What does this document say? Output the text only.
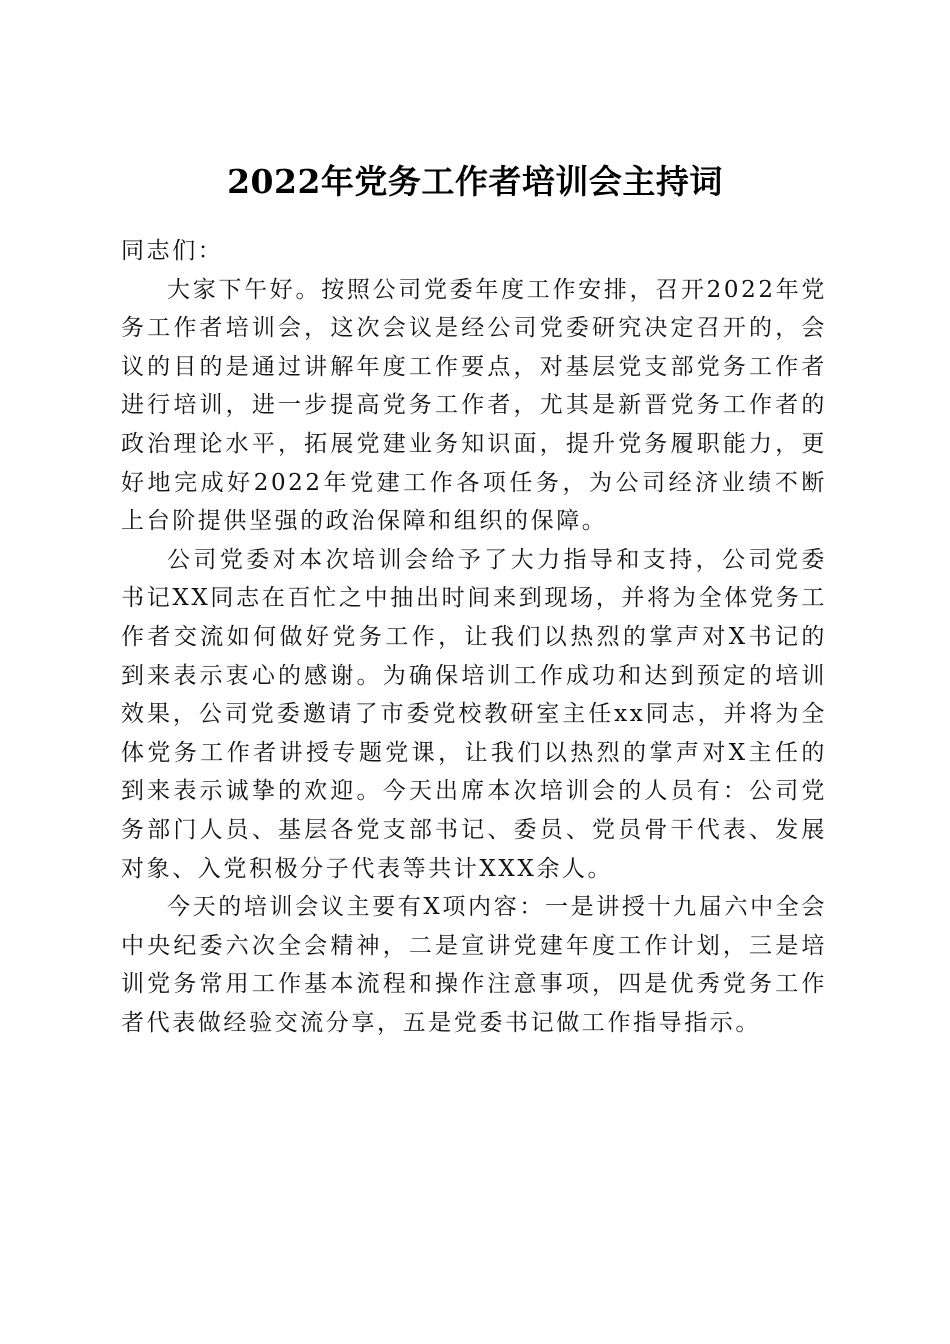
2022年党务工作者培训会主持词

同志们：

大家下午好。按照公司党委年度工作安排，召开2022年党务工作者培训会，这次会议是经公司党委研究决定召开的，会议的目的是通过讲解年度工作要点，对基层党支部党务工作者进行培训，进一步提高党务工作者，尤其是新晋党务工作者的政治理论水平，拓展党建业务知识面，提升党务履职能力，更好地完成好2022年党建工作各项任务，为公司经济业绩不断上台阶提供坚强的政治保障和组织的保障。

公司党委对本次培训会给予了大力指导和支持，公司党委书记XX同志在百忙之中抽出时间来到现场，并将为全体党务工作者交流如何做好党务工作，让我们以热烈的掌声对X书记的到来表示衷心的感谢。为确保培训工作成功和达到预定的培训效果，公司党委邀请了市委党校教研室主任xx同志，并将为全体党务工作者讲授专题党课，让我们以热烈的掌声对X主任的到来表示诚挚的欢迎。今天出席本次培训会的人员有：公司党务部门人员、基层各党支部书记、委员、党员骨干代表、发展对象、入党积极分子代表等共计XXX余人。

今天的培训会议主要有X项内容：一是讲授十九届六中全会中央纪委六次全会精神，二是宣讲党建年度工作计划，三是培训党务常用工作基本流程和操作注意事项，四是优秀党务工作者代表做经验交流分享，五是党委书记做工作指导指示。
